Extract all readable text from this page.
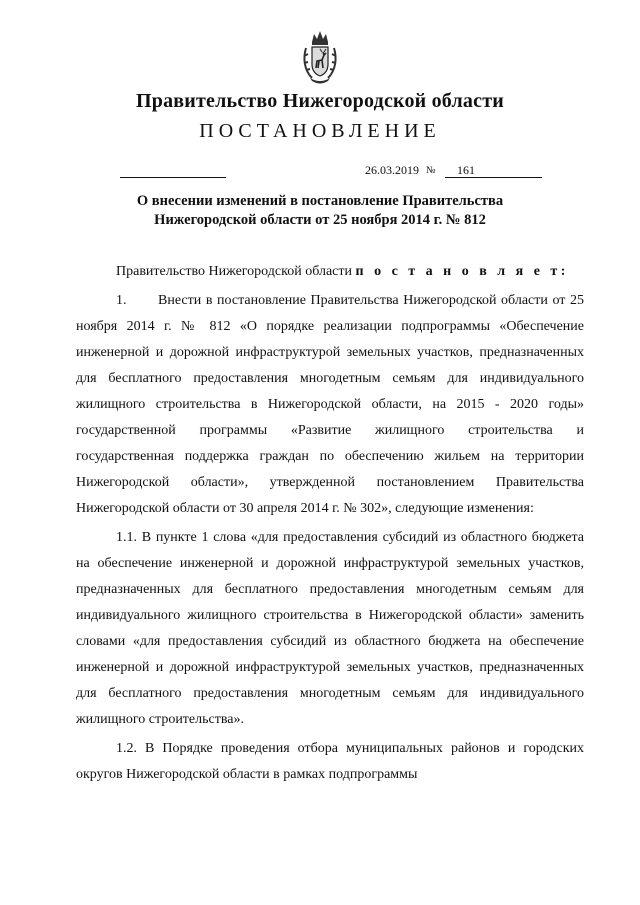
Правительство Нижегородской области
ПОСТАНОВЛЕНИЕ
26.03.2019 № 161
О внесении изменений в постановление Правительства
Нижегородской области от 25 ноября 2014 г. № 812

Правительство Нижегородской области п о с т а н о в л я е т:

1. Внести в постановление Правительства Нижегородской области от 25 ноября 2014 г. № 812 «О порядке реализации подпрограммы «Обеспечение инженерной и дорожной инфраструктурой земельных участков, предназначенных для бесплатного предоставления многодетным семьям для индивидуального жилищного строительства в Нижегородской области, на 2015 - 2020 годы» государственной программы «Развитие жилищного строительства и государственная поддержка граждан по обеспечению жильем на территории Нижегородской области», утвержденной постановлением Правительства Нижегородской области от 30 апреля 2014 г. № 302», следующие изменения:

1.1. В пункте 1 слова «для предоставления субсидий из областного бюджета на обеспечение инженерной и дорожной инфраструктурой земельных участков, предназначенных для бесплатного предоставления многодетным семьям для индивидуального жилищного строительства в Нижегородской области» заменить словами «для предоставления субсидий из областного бюджета на обеспечение инженерной и дорожной инфраструктурой земельных участков, предназначенных для бесплатного предоставления многодетным семьям для индивидуального жилищного строительства».

1.2. В Порядке проведения отбора муниципальных районов и городских округов Нижегородской области в рамках подпрограммы
